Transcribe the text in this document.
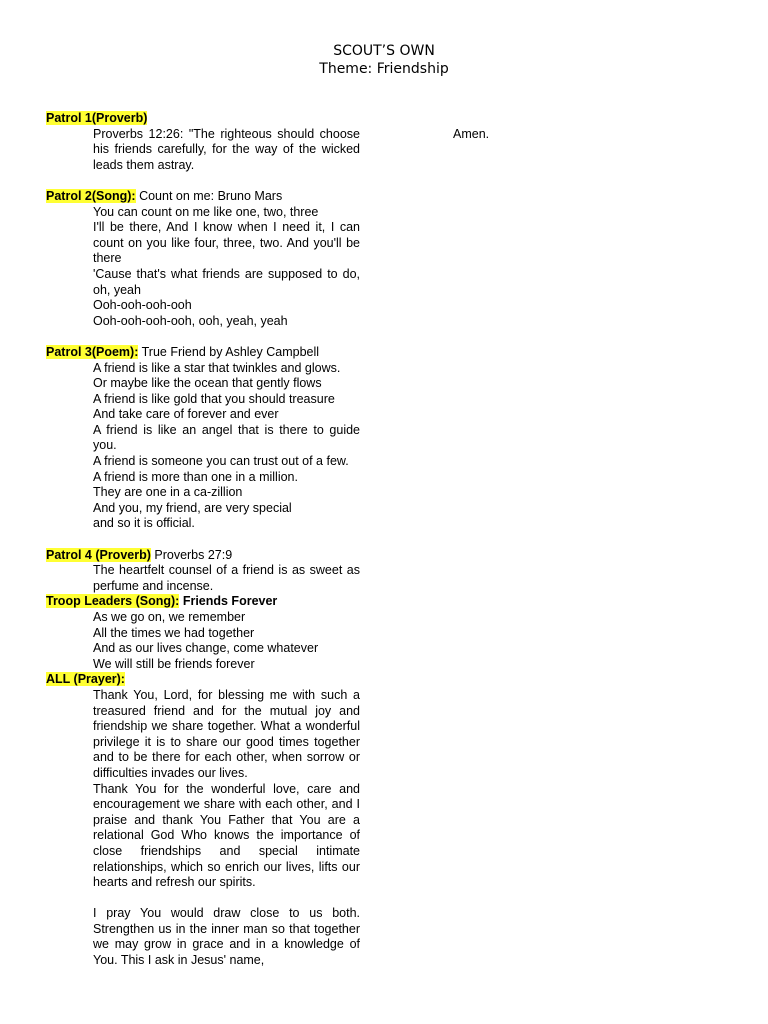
SCOUT’S OWN
Theme: Friendship
Amen.
Patrol 1(Proverb)
Proverbs 12:26: "The righteous should choose his friends carefully, for the way of the wicked leads them astray.
Patrol 2(Song): Count on me: Bruno Mars
You can count on me like one, two, three
I'll be there, And I know when I need it, I can count on you like four, three, two. And you'll be there
'Cause that's what friends are supposed to do, oh, yeah
Ooh-ooh-ooh-ooh
Ooh-ooh-ooh-ooh, ooh, yeah, yeah
Patrol 3(Poem): True Friend by Ashley Campbell
A friend is like a star that twinkles and glows.
Or maybe like the ocean that gently flows
A friend is like gold that you should treasure
And take care of forever and ever
A friend is like an angel that is there to guide you.
A friend is someone you can trust out of a few.
A friend is more than one in a million.
They are one in a ca-zillion
And you, my friend, are very special
and so it is official.
Patrol 4 (Proverb) Proverbs 27:9
The heartfelt counsel of a friend is as sweet as perfume and incense.
Troop Leaders (Song): Friends Forever
As we go on, we remember
All the times we had together
And as our lives change, come whatever
We will still be friends forever
ALL (Prayer):
Thank You, Lord, for blessing me with such a treasured friend and for the mutual joy and friendship we share together. What a wonderful privilege it is to share our good times together and to be there for each other, when sorrow or difficulties invades our lives.
Thank You for the wonderful love, care and encouragement we share with each other, and I praise and thank You Father that You are a relational God Who knows the importance of close friendships and special intimate relationships, which so enrich our lives, lifts our hearts and refresh our spirits.
I pray You would draw close to us both. Strengthen us in the inner man so that together we may grow in grace and in a knowledge of You. This I ask in Jesus' name,
